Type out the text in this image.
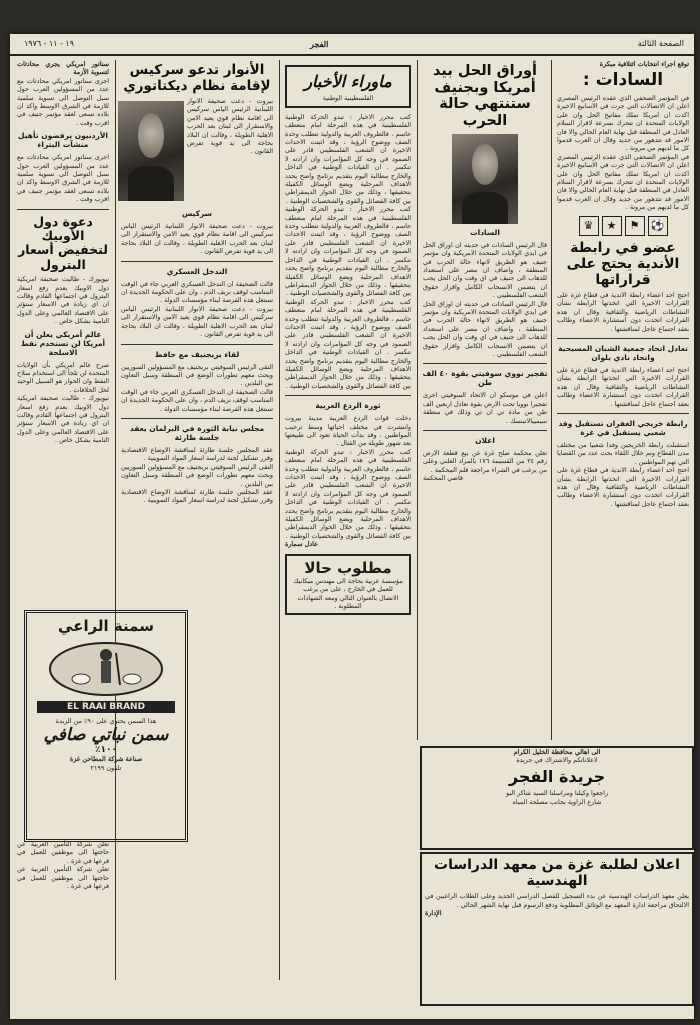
الصفحة الثالثة
الفجر
١٩ - ١١ - ١٩٧٦
توقع اجراء انتخابات ائتلافية مبكرة
السادات :
في المؤتمر الصحفي الذي عقده الرئيس المصري اعلن ان الاتصالات التي جرت في الاسابيع الاخيرة اكدت ان امريكا تملك مفاتيح الحل وان على الولايات المتحدة ان تتحرك بسرعة لاقرار السلام العادل في المنطقة قبل نهاية العام الحالي والا فان الامور قد تتدهور من جديد وقال ان العرب قدموا كل ما لديهم من مرونة .
في المؤتمر الصحفي الذي عقده الرئيس المصري اعلن ان الاتصالات التي جرت في الاسابيع الاخيرة اكدت ان امريكا تملك مفاتيح الحل وان على الولايات المتحدة ان تتحرك بسرعة لاقرار السلام العادل في المنطقة قبل نهاية العام الحالي والا فان الامور قد تتدهور من جديد وقال ان العرب قدموا كل ما لديهم من مرونة .
⚽
⚑
★
♛
عضو في رابطة الأندية يحتج على قراراتها
احتج احد اعضاء رابطة الاندية في قطاع غزة على القرارات الاخيرة التي اتخذتها الرابطة بشأن النشاطات الرياضية والثقافية وقال ان هذه القرارات اتخذت دون استشارة الاعضاء وطالب بعقد اجتماع عاجل لمناقشتها .
تعادل اتحاد جمعية الشبان المسيحية واتحاد نادي بلوان
احتج احد اعضاء رابطة الاندية في قطاع غزة على القرارات الاخيرة التي اتخذتها الرابطة بشأن النشاطات الرياضية والثقافية وقال ان هذه القرارات اتخذت دون استشارة الاعضاء وطالب بعقد اجتماع عاجل لمناقشتها .
رابطة خريجي الغفران تستقبل وفد شعبي يستقبل في غزة
استقبلت رابطة الخريجين وفدا شعبيا من مختلف مدن القطاع وتم خلال اللقاء بحث عدد من القضايا التي تهم المواطنين .
احتج احد اعضاء رابطة الاندية في قطاع غزة على القرارات الاخيرة التي اتخذتها الرابطة بشأن النشاطات الرياضية والثقافية وقال ان هذه القرارات اتخذت دون استشارة الاعضاء وطالب بعقد اجتماع عاجل لمناقشتها .
أوراق الحل بيد أمريكا وبجنيف ستنتهي حالة الحرب
السادات
قال الرئيس السادات في حديثه ان اوراق الحل في ايدي الولايات المتحدة الامريكية وان مؤتمر جنيف هو الطريق لانهاء حالة الحرب في المنطقة ، واضاف ان مصر على استعداد للذهاب الى جنيف في اي وقت وان الحل يجب ان يتضمن الانسحاب الكامل واقرار حقوق الشعب الفلسطيني .
قال الرئيس السادات في حديثه ان اوراق الحل في ايدي الولايات المتحدة الامريكية وان مؤتمر جنيف هو الطريق لانهاء حالة الحرب في المنطقة ، واضاف ان مصر على استعداد للذهاب الى جنيف في اي وقت وان الحل يجب ان يتضمن الانسحاب الكامل واقرار حقوق الشعب الفلسطيني .
تفجير نووي سوفيتي بقوة ٤٠ الف طن
اعلن في موسكو ان الاتحاد السوفيتي اجرى تفجيرا نوويا تحت الارض بقوة تعادل اربعين الف طن من مادة تي ان تي وذلك في منطقة سيميبالاتينسك .
اعلان
تعلن محكمة صلح غزة عن بيع قطعة الارض رقم ٢٤ من القسيمة ١٧٦ بالمزاد العلني وعلى من يرغب في الشراء مراجعة قلم المحكمة .
قاضي المحكمة
ماوراء الأخبار
الفلسطينية الوطنية
كتب محرر الاخبار : تبدو الحركة الوطنية الفلسطينية في هذه المرحلة امام منعطف حاسم ، فالظروف العربية والدولية تتطلب وحدة الصف ووضوح الرؤية ، وقد اثبتت الاحداث الاخيرة ان الشعب الفلسطيني قادر على الصمود في وجه كل المؤامرات وان ارادته لا تنكسر . ان القيادات الوطنية في الداخل والخارج مطالبة اليوم بتقديم برنامج واضح يحدد الاهداف المرحلية ويضع الوسائل الكفيلة بتحقيقها ، وذلك من خلال الحوار الديمقراطي بين كافة الفصائل والقوى والشخصيات الوطنية .
كتب محرر الاخبار : تبدو الحركة الوطنية الفلسطينية في هذه المرحلة امام منعطف حاسم ، فالظروف العربية والدولية تتطلب وحدة الصف ووضوح الرؤية ، وقد اثبتت الاحداث الاخيرة ان الشعب الفلسطيني قادر على الصمود في وجه كل المؤامرات وان ارادته لا تنكسر . ان القيادات الوطنية في الداخل والخارج مطالبة اليوم بتقديم برنامج واضح يحدد الاهداف المرحلية ويضع الوسائل الكفيلة بتحقيقها ، وذلك من خلال الحوار الديمقراطي بين كافة الفصائل والقوى والشخصيات الوطنية .
كتب محرر الاخبار : تبدو الحركة الوطنية الفلسطينية في هذه المرحلة امام منعطف حاسم ، فالظروف العربية والدولية تتطلب وحدة الصف ووضوح الرؤية ، وقد اثبتت الاحداث الاخيرة ان الشعب الفلسطيني قادر على الصمود في وجه كل المؤامرات وان ارادته لا تنكسر . ان القيادات الوطنية في الداخل والخارج مطالبة اليوم بتقديم برنامج واضح يحدد الاهداف المرحلية ويضع الوسائل الكفيلة بتحقيقها ، وذلك من خلال الحوار الديمقراطي بين كافة الفصائل والقوى والشخصيات الوطنية .
ثورة الردع العربية
دخلت قوات الردع العربية مدينة بيروت وانتشرت في مختلف احيائها وسط ترحيب المواطنين ، وقد بدأت الحياة تعود الى طبيعتها بعد شهور طويلة من القتال .
كتب محرر الاخبار : تبدو الحركة الوطنية الفلسطينية في هذه المرحلة امام منعطف حاسم ، فالظروف العربية والدولية تتطلب وحدة الصف ووضوح الرؤية ، وقد اثبتت الاحداث الاخيرة ان الشعب الفلسطيني قادر على الصمود في وجه كل المؤامرات وان ارادته لا تنكسر . ان القيادات الوطنية في الداخل والخارج مطالبة اليوم بتقديم برنامج واضح يحدد الاهداف المرحلية ويضع الوسائل الكفيلة بتحقيقها ، وذلك من خلال الحوار الديمقراطي بين كافة الفصائل والقوى والشخصيات الوطنية .
عادل سمارة
مطلوب حالا
مؤسسة عربية بحاجة الى مهندس ميكانيك للعمل في الخارج ، على من يرغب الاتصال بالعنوان التالي ومعه الشهادات المطلوبة .
الأنوار تدعو سركيس لإقامة نظام ديكتاتوري
بيروت - دعت صحيفة الانوار اللبنانية الرئيس الياس سركيس الى اقامة نظام قوي يعيد الامن والاستقرار الى لبنان بعد الحرب الاهلية الطويلة ، وقالت ان البلاد بحاجة الى يد قوية تفرض القانون .
سركيس
بيروت - دعت صحيفة الانوار اللبنانية الرئيس الياس سركيس الى اقامة نظام قوي يعيد الامن والاستقرار الى لبنان بعد الحرب الاهلية الطويلة ، وقالت ان البلاد بحاجة الى يد قوية تفرض القانون .
التدخل العسكري
قالت الصحيفة ان التدخل العسكري العربي جاء في الوقت المناسب لوقف نزيف الدم ، وان على الحكومة الجديدة ان تستغل هذه الفرصة لبناء مؤسسات الدولة .
بيروت - دعت صحيفة الانوار اللبنانية الرئيس الياس سركيس الى اقامة نظام قوي يعيد الامن والاستقرار الى لبنان بعد الحرب الاهلية الطويلة ، وقالت ان البلاد بحاجة الى يد قوية تفرض القانون .
لقاء بريجنيف مع حافظ
التقى الرئيس السوفيتي بريجنيف مع المسؤولين السوريين وبحث معهم تطورات الوضع في المنطقة وسبل التعاون بين البلدين .
قالت الصحيفة ان التدخل العسكري العربي جاء في الوقت المناسب لوقف نزيف الدم ، وان على الحكومة الجديدة ان تستغل هذه الفرصة لبناء مؤسسات الدولة .
مجلس نيابة الثورة في البرلمان يعقد جلسة طارئة
عقد المجلس جلسة طارئة لمناقشة الاوضاع الاقتصادية وقرر تشكيل لجنة لدراسة اسعار المواد التموينية .
التقى الرئيس السوفيتي بريجنيف مع المسؤولين السوريين وبحث معهم تطورات الوضع في المنطقة وسبل التعاون بين البلدين .
عقد المجلس جلسة طارئة لمناقشة الاوضاع الاقتصادية وقرر تشكيل لجنة لدراسة اسعار المواد التموينية .
سناتور امريكي يجري محادثات لتسوية الأزمة
اجرى سناتور امريكي محادثات مع عدد من المسؤولين العرب حول سبل التوصل الى تسوية سلمية للازمة في الشرق الاوسط واكد ان بلاده تسعى لعقد مؤتمر جنيف في اقرب وقت .
الأردنيون يرفضون تأهيل منشآت البتراء
اجرى سناتور امريكي محادثات مع عدد من المسؤولين العرب حول سبل التوصل الى تسوية سلمية للازمة في الشرق الاوسط واكد ان بلاده تسعى لعقد مؤتمر جنيف في اقرب وقت .
دعوة دول الأوبيك لتخفيض أسعار البترول
نيويورك - طالبت صحيفة امريكية دول الاوبيك بعدم رفع اسعار البترول في اجتماعها القادم وقالت ان اي زيادة في الاسعار ستؤثر على الاقتصاد العالمي وعلى الدول النامية بشكل خاص .
عالم أمريكي يعلن أن أمريكا لن تستخدم نقط الاسلحة
صرح عالم امريكي بأن الولايات المتحدة لن تلجأ الى استخدام سلاح النفط وان الحوار هو السبيل الوحيد لحل الخلافات .
نيويورك - طالبت صحيفة امريكية دول الاوبيك بعدم رفع اسعار البترول في اجتماعها القادم وقالت ان اي زيادة في الاسعار ستؤثر على الاقتصاد العالمي وعلى الدول النامية بشكل خاص .
سمنة الراعي
EL RAAI BRAND
هذا السمن يحتوي على ٩٠٪ من الزبدة
سمن نباتي صافي
١٠٠٪
صناعة شركة المطاحن غزة
تلفون ٢١٩٩
تعلن شركة التأمين العربية عن حاجتها الى موظفين للعمل في فرعها في غزة .
تعلن شركة التأمين العربية عن حاجتها الى موظفين للعمل في فرعها في غزة .
الى اهالي محافظة الخليل الكرام
لاعلاناتكم والاشتراك في جريدة
جريدة الفجر
راجعوا وكيلنا ومراسلنا السيد شاكر البو
شارع الزاوية بجانب مصلحة المياه
اعلان لطلبة غزة من معهد الدراسات الهندسية
يعلن معهد الدراسات الهندسية عن بدء التسجيل للفصل الدراسي الجديد وعلى الطلاب الراغبين في الالتحاق مراجعة ادارة المعهد مع الوثائق المطلوبة ودفع الرسوم قبل نهاية الشهر الحالي .
الإدارة
